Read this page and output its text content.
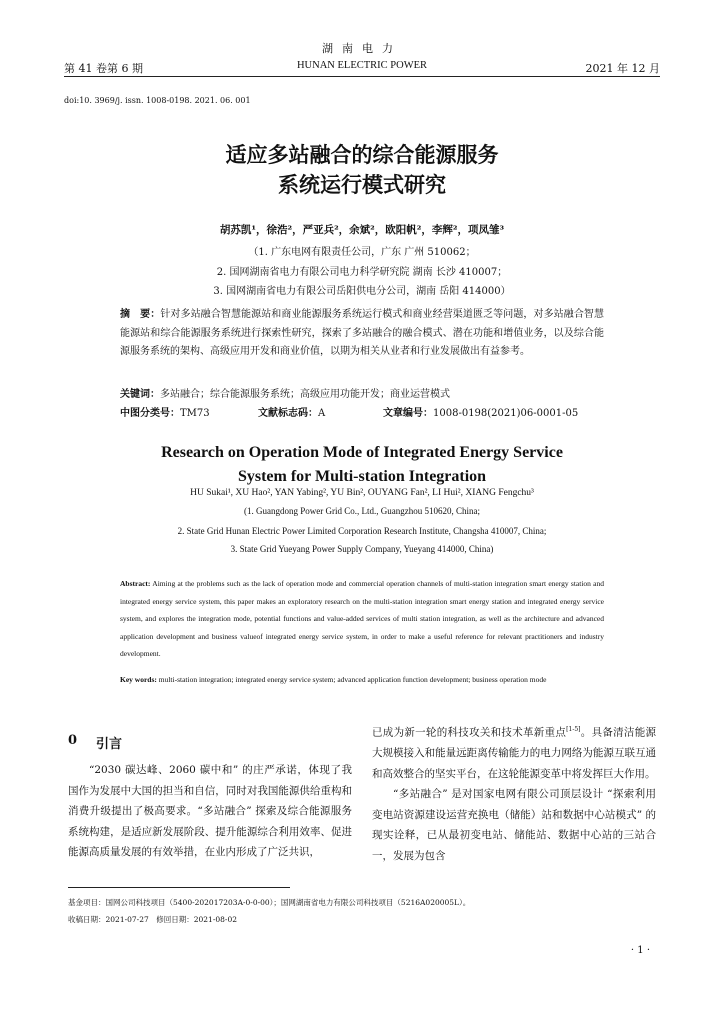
湖南电力
第 41 卷第 6 期	HUNAN ELECTRIC POWER	2021 年 12 月
doi:10. 3969/j. issn. 1008-0198. 2021. 06. 001
适应多站融合的综合能源服务
系统运行模式研究
胡苏凯¹，徐浩²，严亚兵²，余斌²，欧阳帆²，李辉²，项凤雏³
（1. 广东电网有限责任公司，广东 广州 510062；
2. 国网湖南省电力有限公司电力科学研究院 湖南 长沙 410007；
3. 国网湖南省电力有限公司岳阳供电分公司，湖南 岳阳 414000）
摘　要：针对多站融合智慧能源站和商业能源服务系统运行模式和商业经营渠道匮乏等问题，对多站融合智慧能源站和综合能源服务系统进行探索性研究，探索了多站融合的融合模式、潜在功能和增值业务，以及综合能源服务系统的架构、高级应用开发和商业价值，以期为相关从业者和行业发展做出有益参考。
关键词：多站融合；综合能源服务系统；高级应用功能开发；商业运营模式
中图分类号：TM73	文献标志码：A	文章编号：1008-0198(2021)06-0001-05
Research on Operation Mode of Integrated Energy Service
System for Multi-station Integration
HU Sukai¹, XU Hao², YAN Yabing², YU Bin², OUYANG Fan², LI Hui², XIANG Fengchu³
(1. Guangdong Power Grid Co., Ltd., Guangzhou 510620, China;
2. State Grid Hunan Electric Power Limited Corporation Research Institute, Changsha 410007, China;
3. State Grid Yueyang Power Supply Company, Yueyang 414000, China)
Abstract: Aiming at the problems such as the lack of operation mode and commercial operation channels of multi-station integration smart energy station and integrated energy service system, this paper makes an exploratory research on the multi-station integration smart energy station and integrated energy service system, and explores the integration mode, potential functions and value-added services of multi station integration, as well as the architecture and advanced application development and business valueof integrated energy service system, in order to make a useful reference for relevant practitioners and industry development.
Key words: multi-station integration; integrated energy service system; advanced application function development; business operation mode
0 引言

“2030 碳达峰、2060 碳中和” 的庄严承诺，体现了我国作为发展中大国的担当和自信，同时对我国能源供给重构和消费升级提出了极高要求。“多站融合” 探索及综合能源服务系统构建，是适应新发展阶段、提升能源综合利用效率、促进能源高质量发展的有效举措，在业内形成了广泛共识，

已成为新一轮的科技攻关和技术革新重点[1-5]。具备清洁能源大规模接入和能量远距离传输能力的电力网络为能源互联互通和高效整合的坚实平台，在这轮能源变革中将发挥巨大作用。

“多站融合” 是对国家电网有限公司顶层设计 “探索利用变电站资源建设运营充换电（储能）站和数据中心站模式” 的现实诠释，已从最初变电站、储能站、数据中心站的三站合一，发展为包含

基金项目：国网公司科技项目（5400-202017203A-0-0-00）；国网湖南省电力有限公司科技项目（5216A020005L）。
收稿日期：2021-07-27　修回日期：2021-08-02
· 1 ·
